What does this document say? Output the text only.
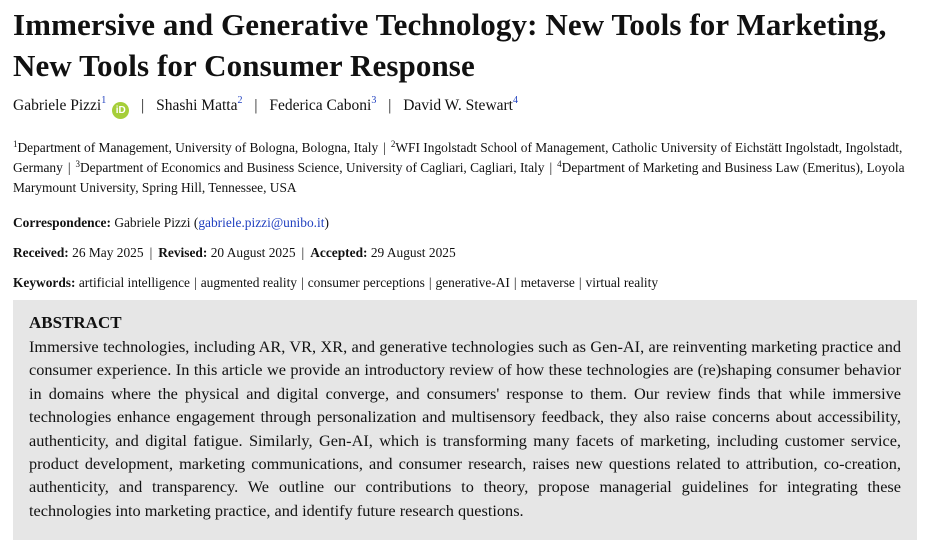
Immersive and Generative Technology: New Tools for Marketing, New Tools for Consumer Response
Gabriele Pizzi$^1$iD | Shashi Matta$^2$ | Federica Caboni$^3$ | David W. Stewart$^4$
$^1$Department of Management, University of Bologna, Bologna, Italy | $^2$WFI Ingolstadt School of Management, Catholic University of Eichstätt Ingolstadt, Ingolstadt, Germany | $^3$Department of Economics and Business Science, University of Cagliari, Cagliari, Italy | $^4$Department of Marketing and Business Law (Emeritus), Loyola Marymount University, Spring Hill, Tennessee, USA
Correspondence: Gabriele Pizzi (gabriele.pizzi@unibo.it)
Received: 26 May 2025 | Revised: 20 August 2025 | Accepted: 29 August 2025
Keywords: artificial intelligence | augmented reality | consumer perceptions | generative-AI | metaverse | virtual reality
ABSTRACT

Immersive technologies, including AR, VR, XR, and generative technologies such as Gen-AI, are reinventing marketing practice and consumer experience. In this article we provide an introductory review of how these technologies are (re)shaping consumer behavior in domains where the physical and digital converge, and consumers' response to them. Our review finds that while immersive technologies enhance engagement through personalization and multisensory feedback, they also raise concerns about accessibility, authenticity, and digital fatigue. Similarly, Gen-AI, which is transforming many facets of marketing, including customer service, product development, marketing communications, and consumer research, raises new questions related to attribution, co-creation, authenticity, and transparency. We outline our contributions to theory, propose managerial guidelines for integrating these technologies into marketing practice, and identify future research questions.
